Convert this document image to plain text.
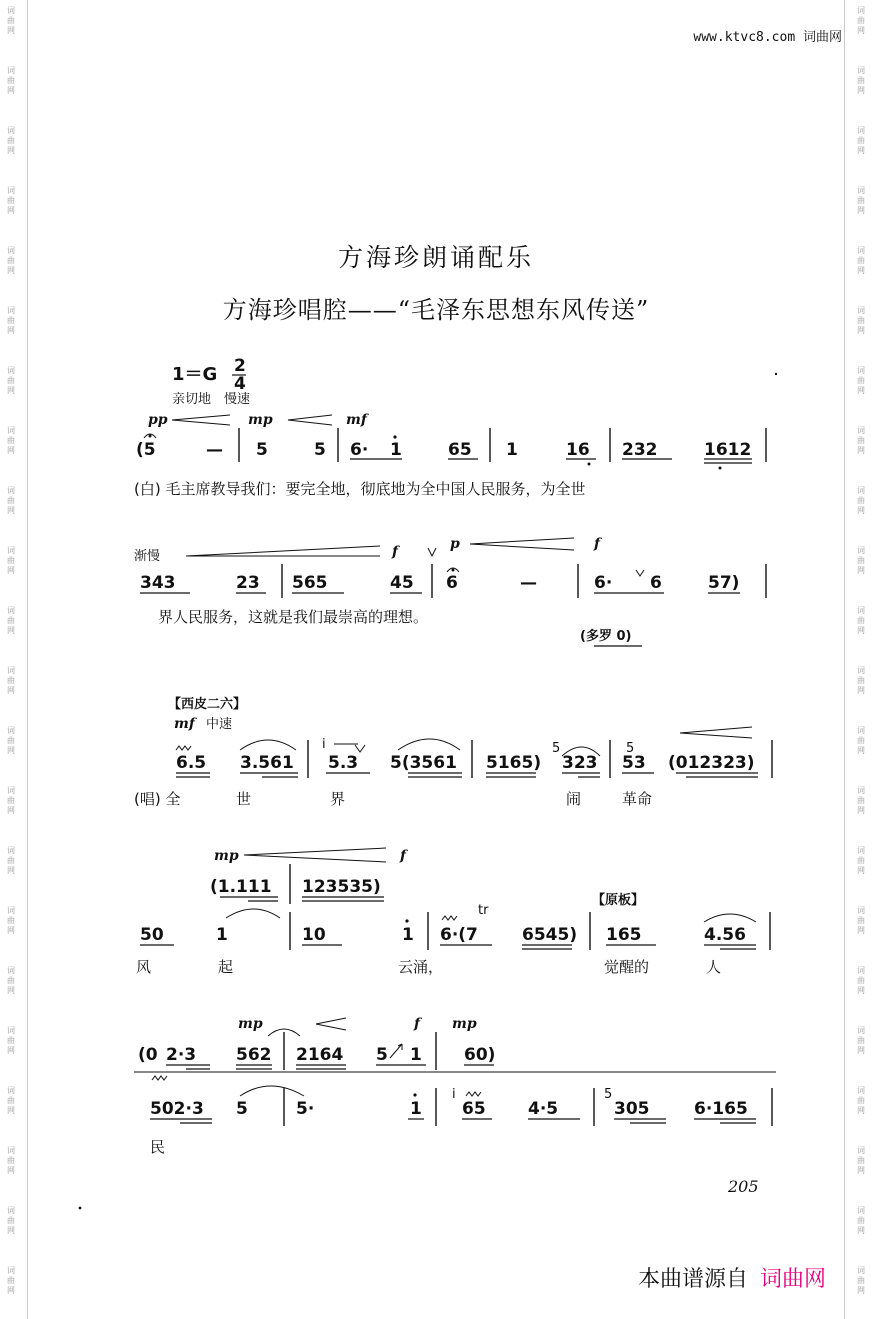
词曲网
词曲网
词曲网
词曲网
词曲网
词曲网
词曲网
词曲网
词曲网
词曲网
词曲网
词曲网
词曲网
词曲网
词曲网
词曲网
词曲网
词曲网
词曲网
词曲网
词曲网
词曲网
词曲网
词曲网
词曲网
词曲网
词曲网
词曲网
词曲网
词曲网
词曲网
词曲网
词曲网
词曲网
词曲网
词曲网
词曲网
词曲网
词曲网
词曲网
词曲网
词曲网
词曲网
词曲网
www.ktvc8.com 词曲网
方海珍朗诵配乐
方海珍唱腔——“毛泽东思想东风传送”
1＝G 2
4
亲切地　慢速
pp	mp	mf
(5	— 5	5 6· 1	65 1	16 232	1612
(白) 毛主席教导我们：要完全地，彻底地为全中国人民服务，为全世
渐慢	f	p	f
343	23 565	45 6	—	6· 6	57)
界人民服务，这就是我们最崇高的理想。
(多罗 0)
【西皮二六】
mf 中速
6.5 3.561
i
5.3 5(3561 5165)
5
323
5
53 (012323)
(唱) 全	世	界	闹	革命
mp	f
(1.111 123535)
tr
【原板】
50	1	10	1 6·(7	6545) 165	4.56
风	起	云涌，	觉醒的	人
mp	f mp
(0 2·3 562 2164 5 1 60)
502·3 5	5·	1
i
65 4·5
5
305	6·165
民
205
本曲谱源自 词曲网
